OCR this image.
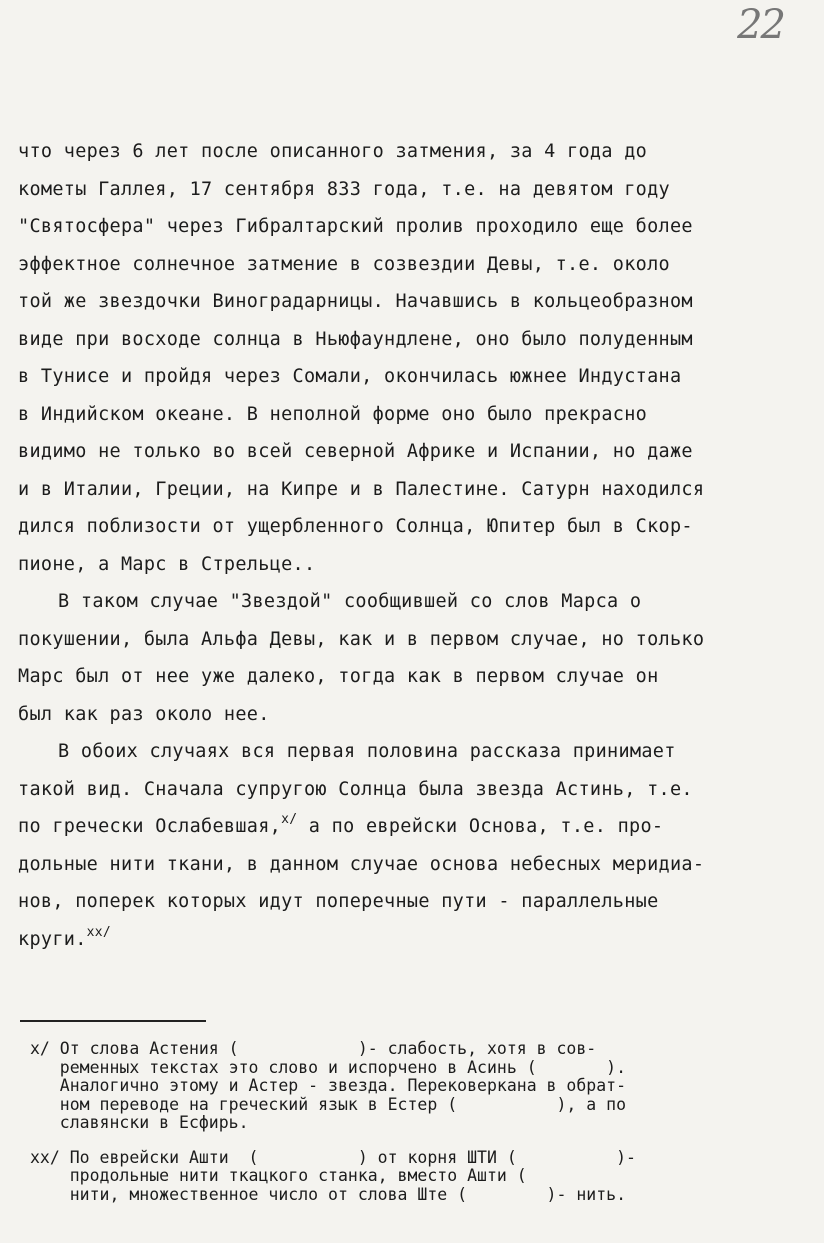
22
что через 6 лет после описанного затмения, за 4 года до
кометы Галлея, 17 сентября 833 года, т.е. на девятом году
"Святосфера" через Гибралтарский пролив проходило еще более
эффектное солнечное затмение в созвездии Девы, т.е. около
той же звездочки Виноградарницы. Начавшись в кольцеобразном
виде при восходе солнца в Ньюфаундлене, оно было полуденным
в Тунисе и пройдя через Сомали, окончилась южнее Индустана
в Индийском океане. В неполной форме оно было прекрасно
видимо не только во всей северной Африке и Испании, но даже
и в Италии, Греции, на Кипре и в Палестине. Сатурн находился
дился поблизости от ущербленного Солнца, Юпитер был в Скор-
пионе, а Марс в Стрельце..
В таком случае "Звездой" сообщившей со слов Марса о
покушении, была Альфа Девы, как и в первом случае, но только
Марс был от нее уже далеко, тогда как в первом случае он
был как раз около нее.
В обоих случаях вся первая половина рассказа принимает
такой вид. Сначала супругою Солнца была звезда Астинь, т.е.
по гречески Ослабевшая,$^{x/}$ а по еврейски Основа, т.е. про-
дольные нити ткани, в данном случае основа небесных меридиа-
нов, поперек которых идут поперечные пути - параллельные
круги.$^{xx/}$
x/ От слова Астения (            )- слабость, хотя в сов-
ременных текстах это слово и испорчено в Асинь (       ).
Аналогично этому и Астер - звезда. Перековеркана в обрат-
ном переводе на греческий язык в Естер (          ), а по
славянски в Есфирь.
xx/ По еврейски Ашти  (          ) от корня ШТИ (          )-
продольные нити ткацкого станка, вместо Ашти (
нити, множественное число от слова Ште (        )- нить.
